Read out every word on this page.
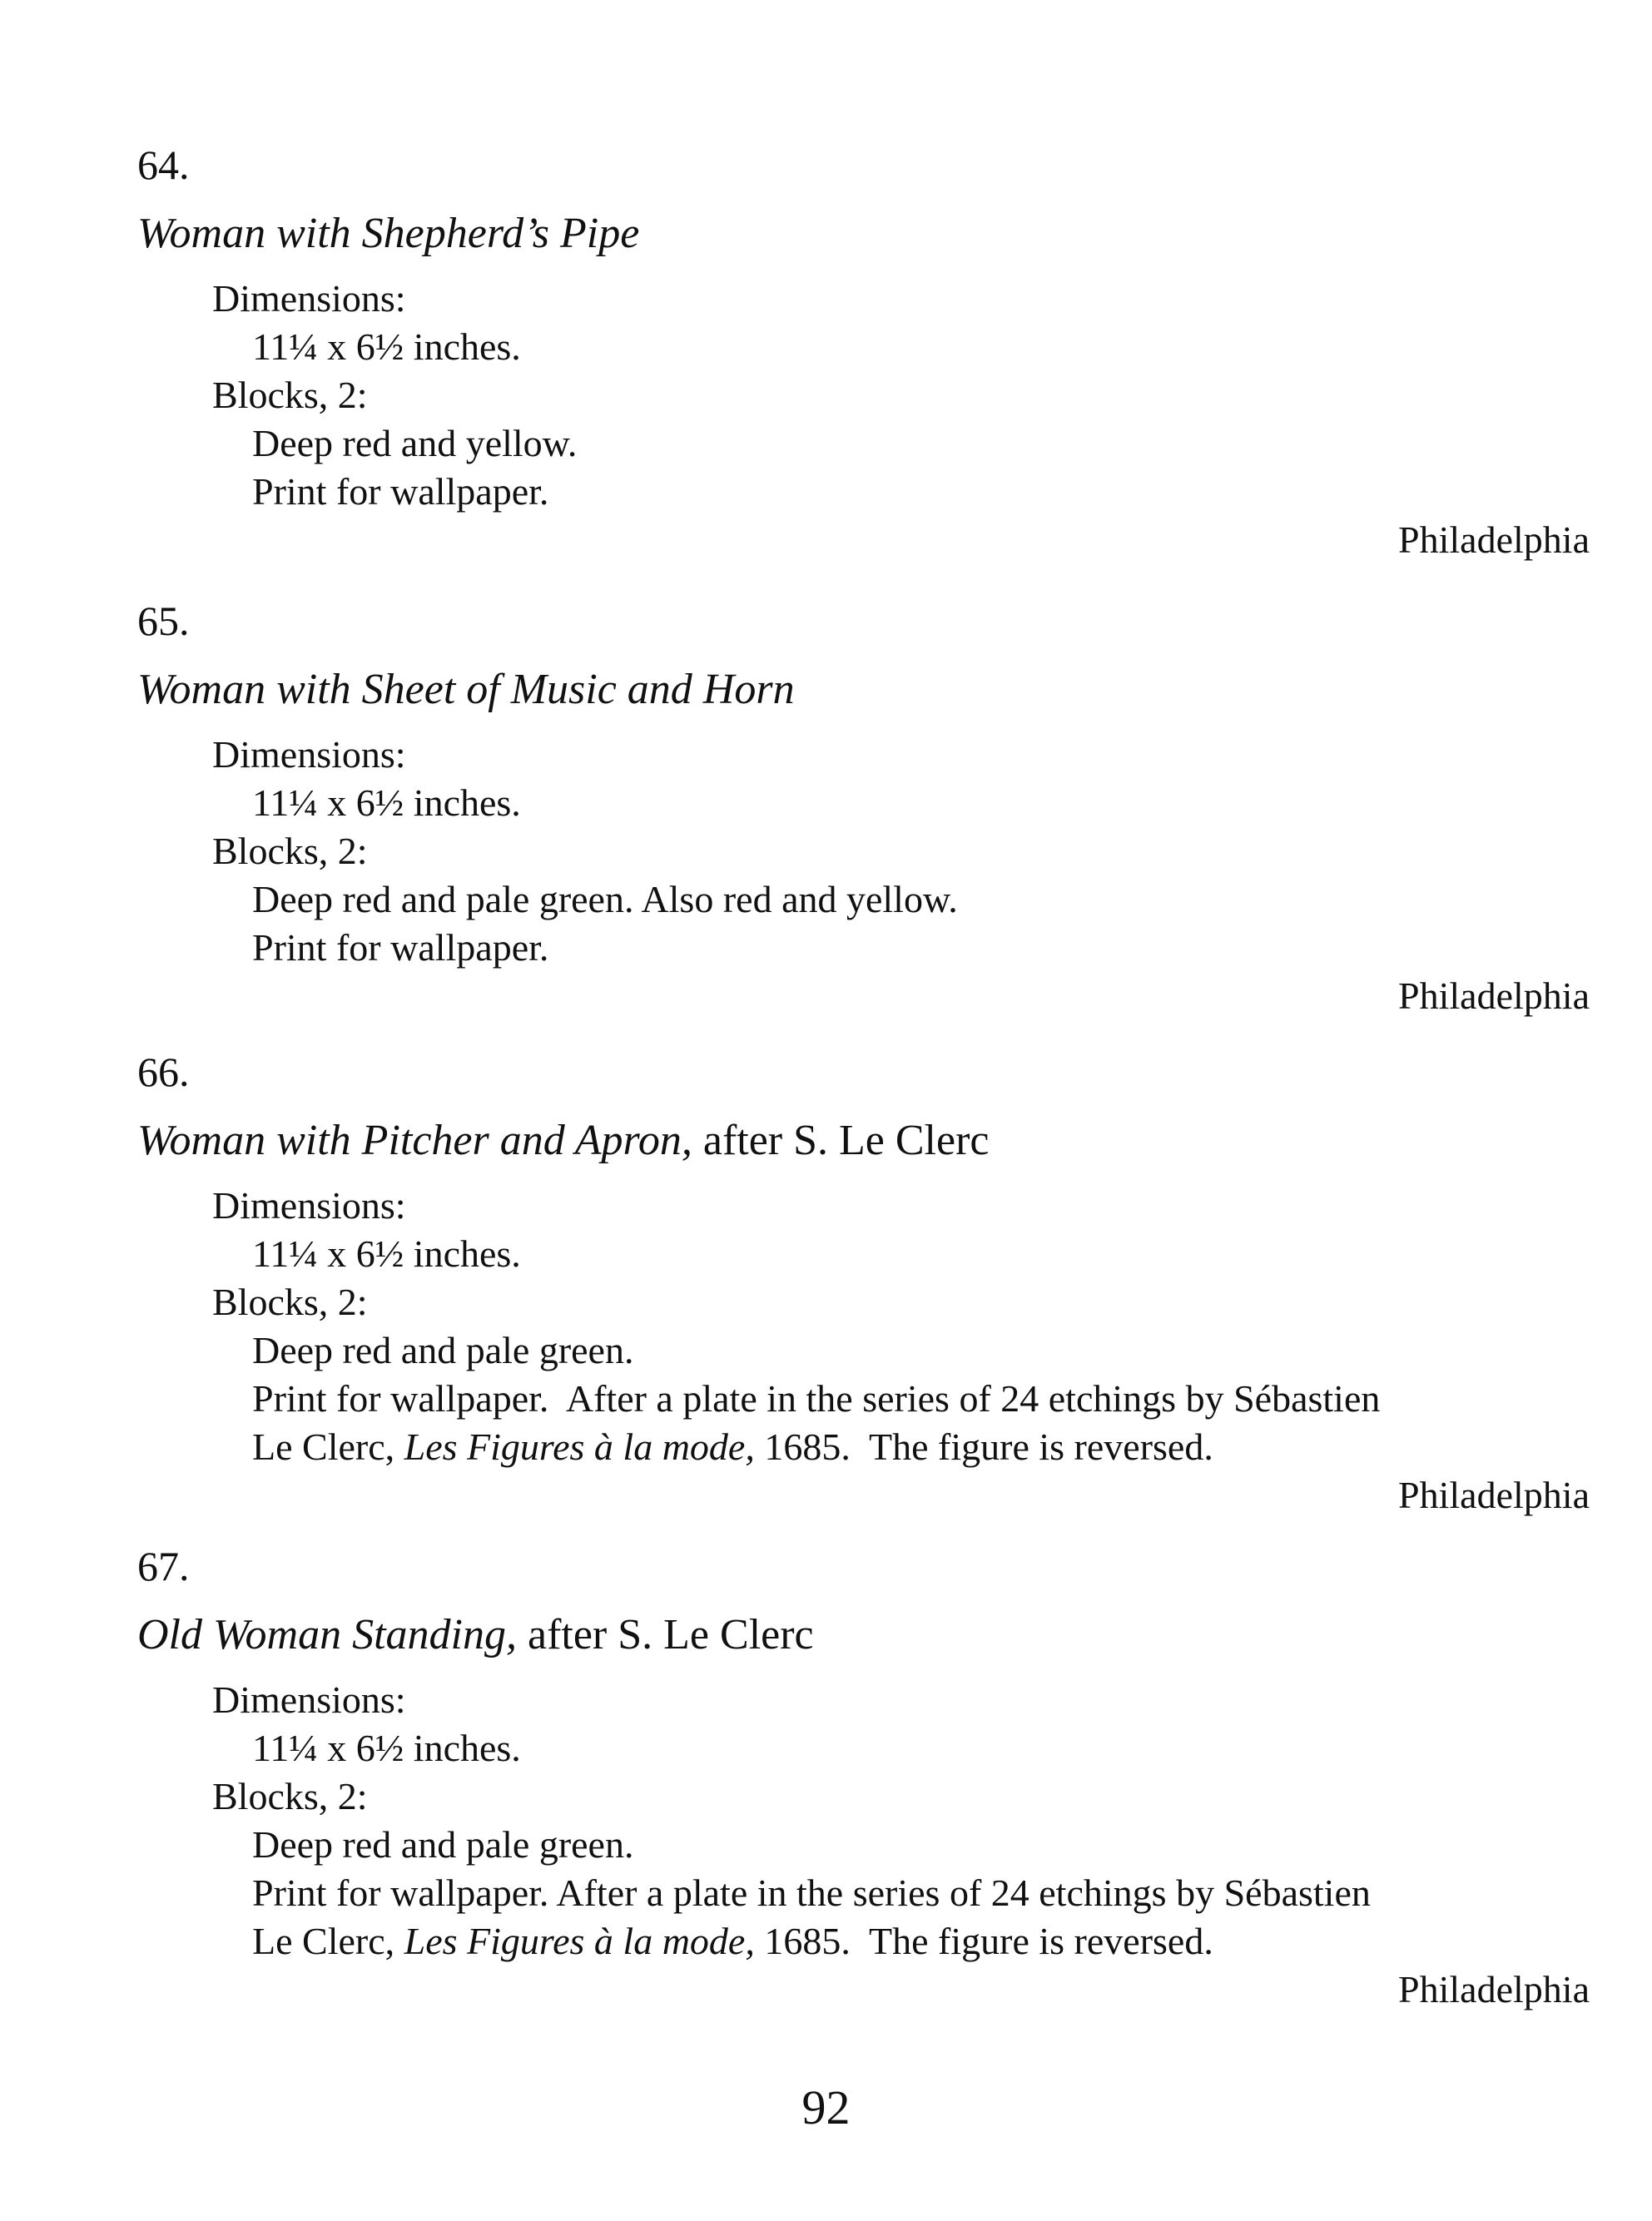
64.
Woman with Shepherd’s Pipe
Dimensions:
11¼ x 6½ inches.
Blocks, 2:
Deep red and yellow.
Print for wallpaper.
Philadelphia
65.
Woman with Sheet of Music and Horn
Dimensions:
11¼ x 6½ inches.
Blocks, 2:
Deep red and pale green. Also red and yellow.
Print for wallpaper.
Philadelphia
66.
Woman with Pitcher and Apron, after S. Le Clerc
Dimensions:
11¼ x 6½ inches.
Blocks, 2:
Deep red and pale green.
Print for wallpaper.  After a plate in the series of 24 etchings by Sébastien
Le Clerc, Les Figures à la mode, 1685.  The figure is reversed.
Philadelphia
67.
Old Woman Standing, after S. Le Clerc
Dimensions:
11¼ x 6½ inches.
Blocks, 2:
Deep red and pale green.
Print for wallpaper. After a plate in the series of 24 etchings by Sébastien
Le Clerc, Les Figures à la mode, 1685.  The figure is reversed.
Philadelphia
92
